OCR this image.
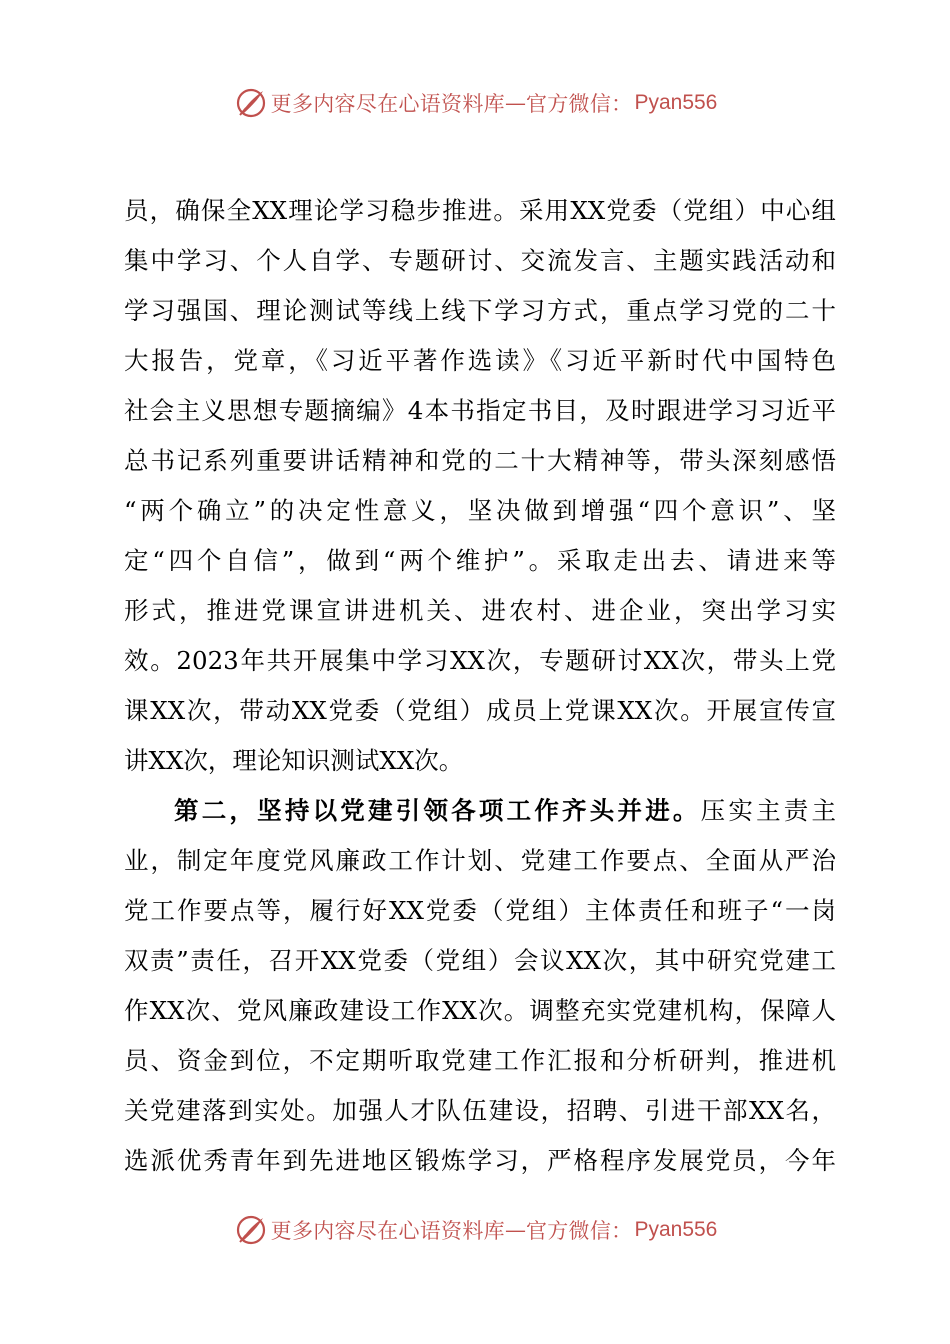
更多内容尽在心语资料库 — 官方微信： Pyan556
员，确保全XX理论学习稳步推进。采用XX党委（党组）中心组
集中学习、个人自学、专题研讨、交流发言、主题实践活动和
学习强国、理论测试等线上线下学习方式，重点学习党的二十
大报告，党章，《习近平著作选读》《习近平新时代中国特色
社会主义思想专题摘编》4本书指定书目，及时跟进学习习近平
总书记系列重要讲话精神和党的二十大精神等，带头深刻感悟
“两个确立”的决定性意义，坚决做到增强“四个意识”、坚
定“四个自信”，做到“两个维护”。采取走出去、请进来等
形式，推进党课宣讲进机关、进农村、进企业，突出学习实
效。2023年共开展集中学习XX次，专题研讨XX次，带头上党
课XX次，带动XX党委（党组）成员上党课XX次。开展宣传宣
讲XX次，理论知识测试XX次。
第二，坚持以党建引领各项工作齐头并进。压实主责主
业，制定年度党风廉政工作计划、党建工作要点、全面从严治
党工作要点等，履行好XX党委（党组）主体责任和班子“一岗
双责”责任，召开XX党委（党组）会议XX次，其中研究党建工
作XX次、党风廉政建设工作XX次。调整充实党建机构，保障人
员、资金到位，不定期听取党建工作汇报和分析研判，推进机
关党建落到实处。加强人才队伍建设，招聘、引进干部XX名，
选派优秀青年到先进地区锻炼学习，严格程序发展党员，今年
更多内容尽在心语资料库 — 官方微信： Pyan556
